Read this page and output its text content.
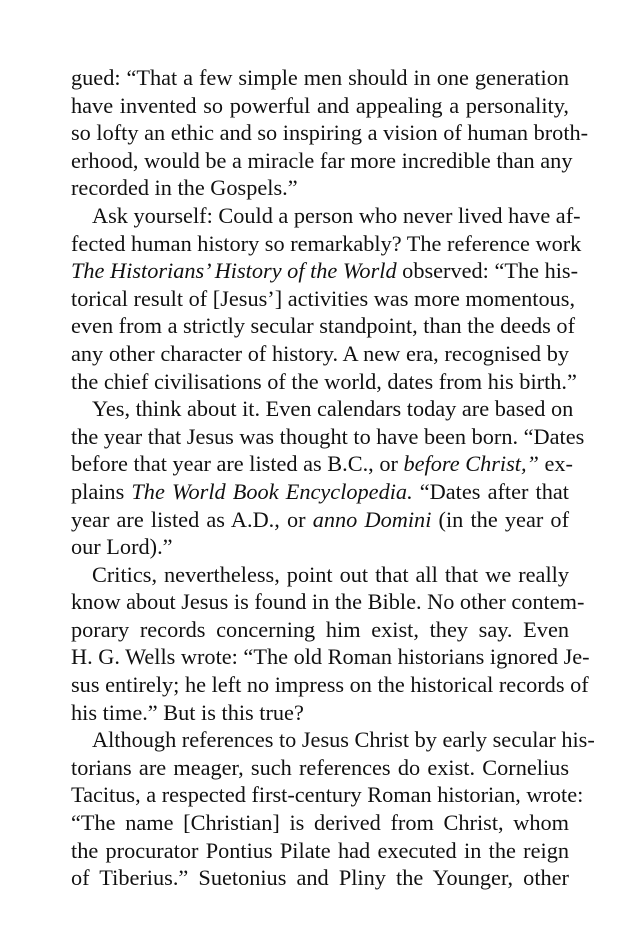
gued: “That a few simple men should in one generation
have invented so powerful and appealing a personality,
so lofty an ethic and so inspiring a vision of human broth-
erhood, would be a miracle far more incredible than any
recorded in the Gospels.”
Ask yourself: Could a person who never lived have af-
fected human history so remarkably? The reference work
The Historians’ History of the World observed: “The his-
torical result of [Jesus’] activities was more momentous,
even from a strictly secular standpoint, than the deeds of
any other character of history. A new era, recognised by
the chief civilisations of the world, dates from his birth.”
Yes, think about it. Even calendars today are based on
the year that Jesus was thought to have been born. “Dates
before that year are listed as B.C., or before Christ,” ex-
plains The World Book Encyclopedia. “Dates after that
year are listed as A.D., or anno Domini (in the year of
our Lord).”
Critics, nevertheless, point out that all that we really
know about Jesus is found in the Bible. No other contem-
porary records concerning him exist, they say. Even
H. G. Wells wrote: “The old Roman historians ignored Je-
sus entirely; he left no impress on the historical records of
his time.” But is this true?
Although references to Jesus Christ by early secular his-
torians are meager, such references do exist. Cornelius
Tacitus, a respected first-century Roman historian, wrote:
“The name [Christian] is derived from Christ, whom
the procurator Pontius Pilate had executed in the reign
of Tiberius.” Suetonius and Pliny the Younger, other
